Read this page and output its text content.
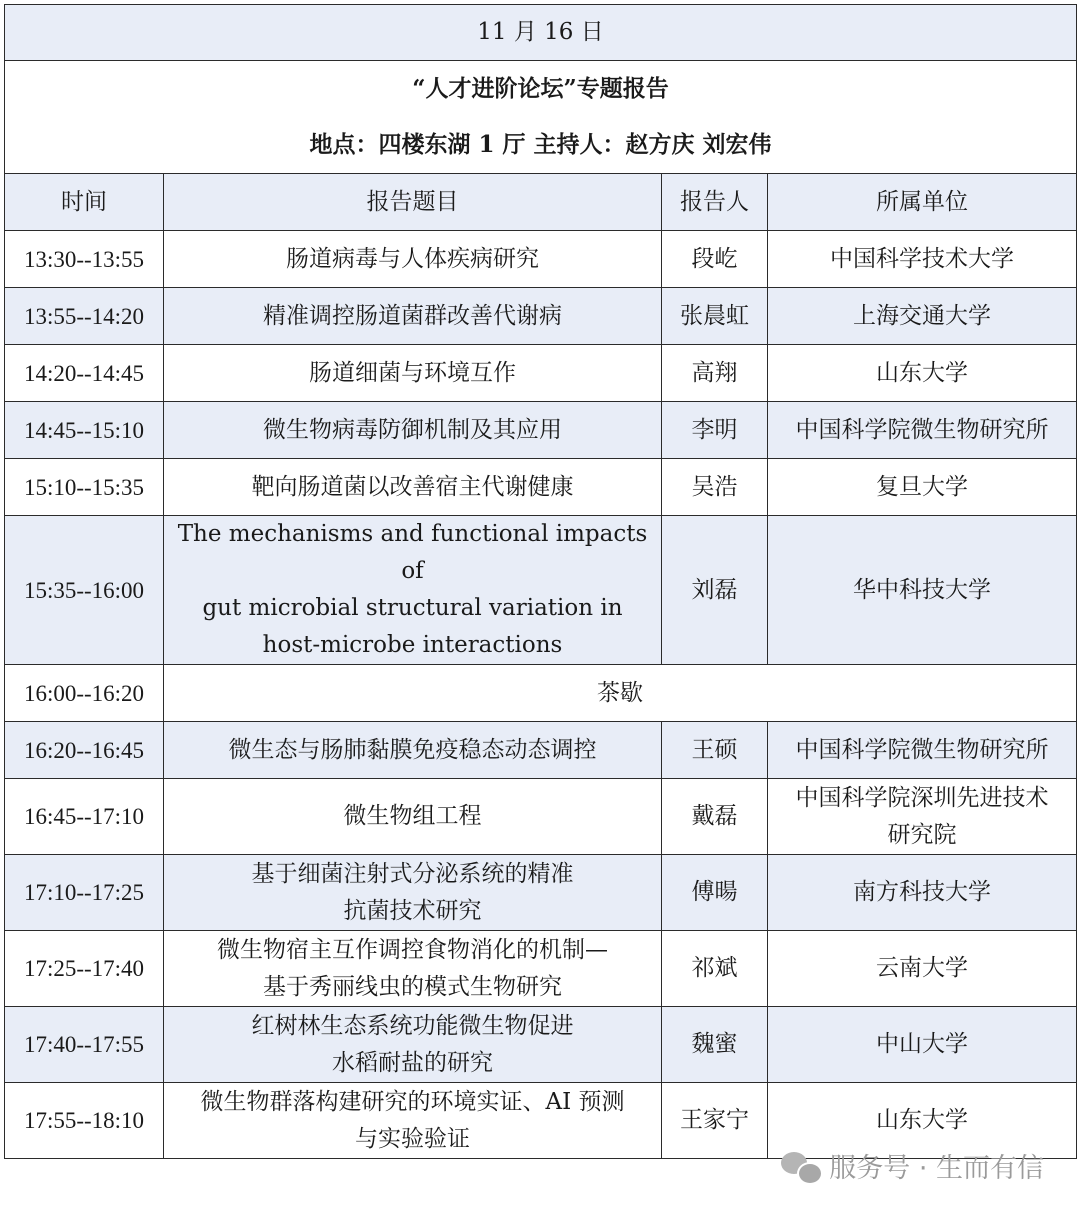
11 月 16 日			

“人才进阶论坛”专题报告
地点：四楼东湖 1 厅 主持人：赵方庆 刘宏伟			

时间	报告题目	报告人	所属单位
13:30--13:55	肠道病毒与人体疾病研究	段屹	中国科学技术大学

13:55--14:20	精准调控肠道菌群改善代谢病	张晨虹	上海交通大学

14:20--14:45	肠道细菌与环境互作	高翔	山东大学

14:45--15:10	微生物病毒防御机制及其应用	李明	中国科学院微生物研究所

15:10--15:35	靶向肠道菌以改善宿主代谢健康	吴浩	复旦大学

15:35--16:00	The mechanisms and functional impacts of
gut microbial structural variation in
host-microbe interactions	刘磊	华中科技大学

16:00--16:20	茶歇		
16:20--16:45	微生态与肠肺黏膜免疫稳态动态调控	王硕	中国科学院微生物研究所

16:45--17:10	微生物组工程	戴磊	中国科学院深圳先进技术
研究院

17:10--17:25	基于细菌注射式分泌系统的精准
抗菌技术研究	傅暘	南方科技大学

17:25--17:40	微生物宿主互作调控食物消化的机制—
基于秀丽线虫的模式生物研究	祁斌	云南大学

17:40--17:55	红树林生态系统功能微生物促进
水稻耐盐的研究	魏蜜	中山大学

17:55--18:10	微生物群落构建研究的环境实证、AI 预测
与实验验证	王家宁	山东大学
服务号 · 生而有信
